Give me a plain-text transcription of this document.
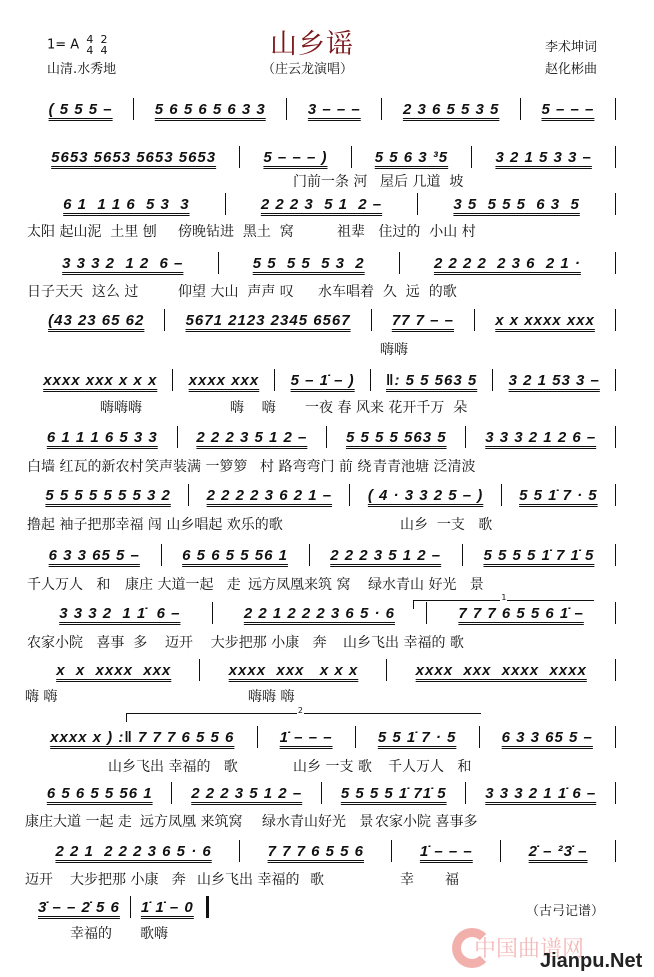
山乡谣
1= A 4
4 2
4
山清.水秀地	（庄云龙演唱）
李术坤词
赵化彬曲
( 5 5 5 –	5 6 5 6 5 6 3 3	3 – – –	2 3 6 5 5 3 5	5 – – –
5653 5653 5653 5653	5 – – – )	5 5 6 3 ³5	3 2 1 5 3 3 –
门前一条 河 屋后 几道  坡
6 1  1 1 6  5 3  3	2 2 2 3  5 1  2 –	3 5  5 5 5  6 3  5
太阳 起山泥  土里 刨 傍晚钻进  黑土  窝	祖辈   住过的  小山 村
3 3 3 2  1 2  6 –	5 5  5 5  5 3  2	2 2 2 2  2 3 6  2 1 ·
日子天天  这么 过	仰望 大山  声声 叹 水车唱着  久  远  的歌
(43 23 65 62	5671 2123 2345 6567	77 7 – –	x x xxxx xxx
嗨嗨
xxxx xxx x x x	xxxx xxx	5 – 1̇ – )	‖: 5 5 563 5	3 2 1 53 3 –
嗨嗨嗨	嗨    嗨 一夜 春 风来 花开千万  朵
6 1 1 1 6 5 3 3	2 2 2 3 5 1 2 –	5 5 5 5 563 5	3 3 3 2 1 2 6 –
白墙 红瓦的新农村 笑声装满 一箩箩 村 路弯弯门 前 绕 青青池塘 泛清波
5 5 5 5 5 5 5 3 2	2 2 2 2 3 6 2 1 –	( 4 · 3 3 2 5 – )	5 5 1̇ 7 · 5
撸起 袖子把那幸福 闯 山乡唱起 欢乐的歌	山乡  一支   歌
6 3 3 65 5 –	6 5 6 5 5 56 1	2 2 2 3 5 1 2 –	5 5 5 5 1̇ 7 1̇ 5
千人万人   和 康庄 大道一起   走 远方凤凰来筑 窝 绿水青山 好光   景
3 3 3 2  1 1̇  6 –	2 2 1 2 2 2 3 6 5 · 6	7 7 7 6 5 5 6 1̇ –
农家小院   喜事  多 迈开    大步把那 小康   奔 山乡飞出 幸福的 歌
1
x  x  xxxx  xxx	xxxx  xxx   x x x	xxxx  xxx  xxxx  xxxx
嗨 嗨	嗨嗨 嗨
xxxx x ) :‖ 7 7 7 6 5 5 6	1̇ – – –	5 5 1̇ 7 · 5	6 3 3 65 5 –
山乡飞出 幸福的   歌	山乡 一支 歌 千人万人   和
2
6 5 6 5 5 56 1	2 2 2 3 5 1 2 –	5 5 5 5 1̇ 71̇ 5	3 3 3 2 1 1̇ 6 –
康庄大道 一起 走 远方凤凰 来筑窝 绿水青山好光   景 农家小院 喜事多
2 2 1  2 2 2 3 6 5 · 6	7 7 7 6 5 5 6	1̇ – – –	2̇ – ²3̇ –
迈开 大步把那 小康   奔 山乡飞出 幸福的 歌	幸 福
3̇ – – 2̇ 5 6	1̇ 1̇ – 0
幸福的 歌嗨
（古弓记谱）
中国曲谱网
Jianpu.Net
